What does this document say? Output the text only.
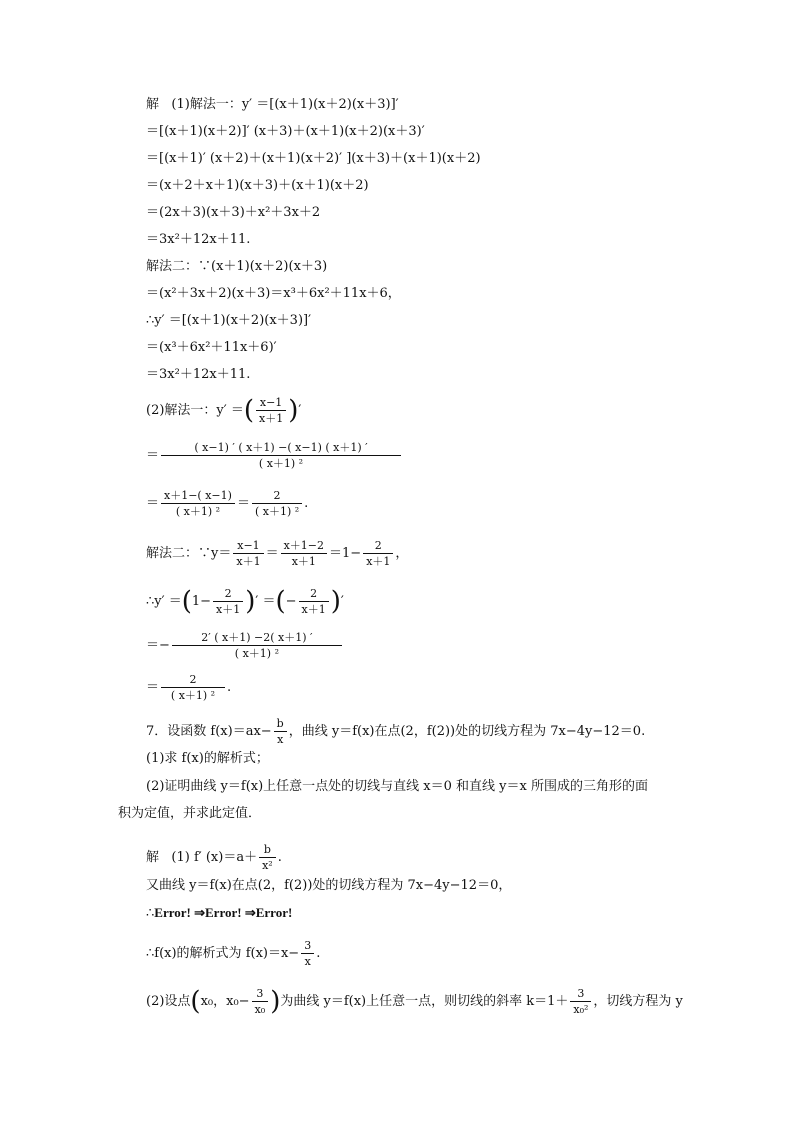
解 (1)解法一：y′ ＝[(x＋1)(x＋2)(x＋3)]′
＝[(x＋1)(x＋2)]′ (x＋3)＋(x＋1)(x＋2)(x＋3)′
＝[(x＋1)′ (x＋2)＋(x＋1)(x＋2)′ ](x＋3)＋(x＋1)(x＋2)
＝(x＋2＋x＋1)(x＋3)＋(x＋1)(x＋2)
＝(2x＋3)(x＋3)＋x²＋3x＋2
＝3x²＋12x＋11.
解法二：∵(x＋1)(x＋2)(x＋3)
＝(x²＋3x＋2)(x＋3)＝x³＋6x²＋11x＋6，
∴y′ ＝[(x＋1)(x＋2)(x＋3)]′
＝(x³＋6x²＋11x＋6)′
＝3x²＋12x＋11.
(2)解法一：y′ ＝( $\frac{x-1}{x+1}$ )′
＝ $\frac{( x-1) ' ( x+1) -( x-1) ( x+1) '}{\text{( x＋1) ²}}$
＝ $\frac{x+1-( x-1)}{\text{( x＋1) ²}} = \frac{2}{\text{( x＋1) ²}}$ .
解法二：∵y＝ $\frac{x-1}{x+1} = \frac{x+1-2}{x+1} =1- \frac{2}{x+1}$ ，
∴y′ $=(1- \frac{2}{x+1}$ )′ ＝(− $\frac{2}{x+1}$ )′
＝− $\frac{2' ( x+1) -2( x+1) '}{\text{( x＋1) ²}}$
＝ $\frac{2}{\text{( x＋1) ²}}$ .
7．设函数 $f(x)=ax- \frac{b}{x}$ ，曲线 y＝f(x)在点(2，f(2))处的切线方程为 7x−4y−12＝0.
(1)求 f(x)的解析式；
(2)证明曲线 y＝f(x)上任意一点处的切线与直线 x＝0 和直线 y＝x 所围成的三角形的面
积为定值，并求此定值．
解 (1) f′ $(x)=a+ \frac{b}{\text{x²}}$ .
又曲线 y＝f(x)在点(2，f(2))处的切线方程为 7x−4y−12＝0，
∴Error! ⇒Error! ⇒Error!
∴f(x)的解析式为 $f(x)=x- \frac{3}{x}$ .
(2)设点(x₀，$x_0- \frac{3}{\text{x₀}}$ )为曲线 y＝f(x)上任意一点，则切线的斜率 $k=1+ \frac{3}{\text{x₀²}}$ ，切线方程为 y
